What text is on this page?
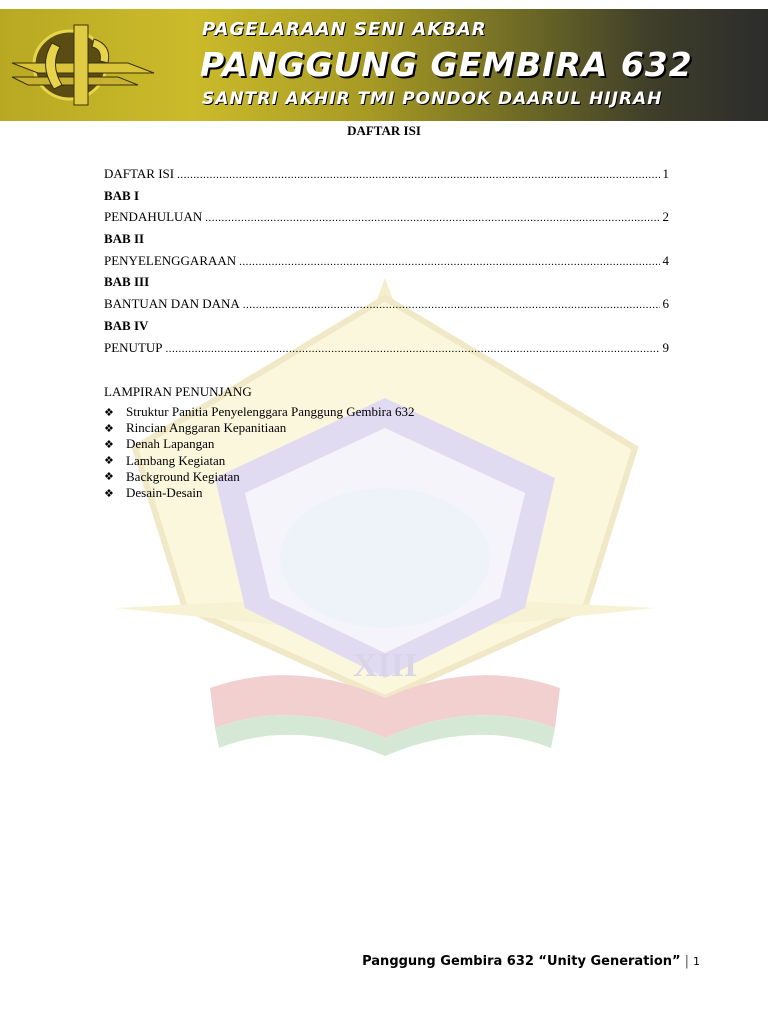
PAGELARAAN SENI AKBAR
PANGGUNG GEMBIRA 632
SANTRI AKHIR TMI PONDOK DAARUL HIJRAH
XIII
DAFTAR ISI
DAFTAR ISI .....	1
BAB I
PENDAHULUAN .....	2
BAB II
PENYELENGGARAAN .....	4
BAB III
BANTUAN DAN DANA .....	6
BAB IV
PENUTUP .....	9
LAMPIRAN PENUNJANG
❖ Struktur Panitia Penyelenggara Panggung Gembira 632
❖ Rincian Anggaran Kepanitiaan
❖ Denah Lapangan
❖ Lambang Kegiatan
❖ Background Kegiatan
❖ Desain-Desain
Panggung Gembira 632 “Unity Generation” | 1
